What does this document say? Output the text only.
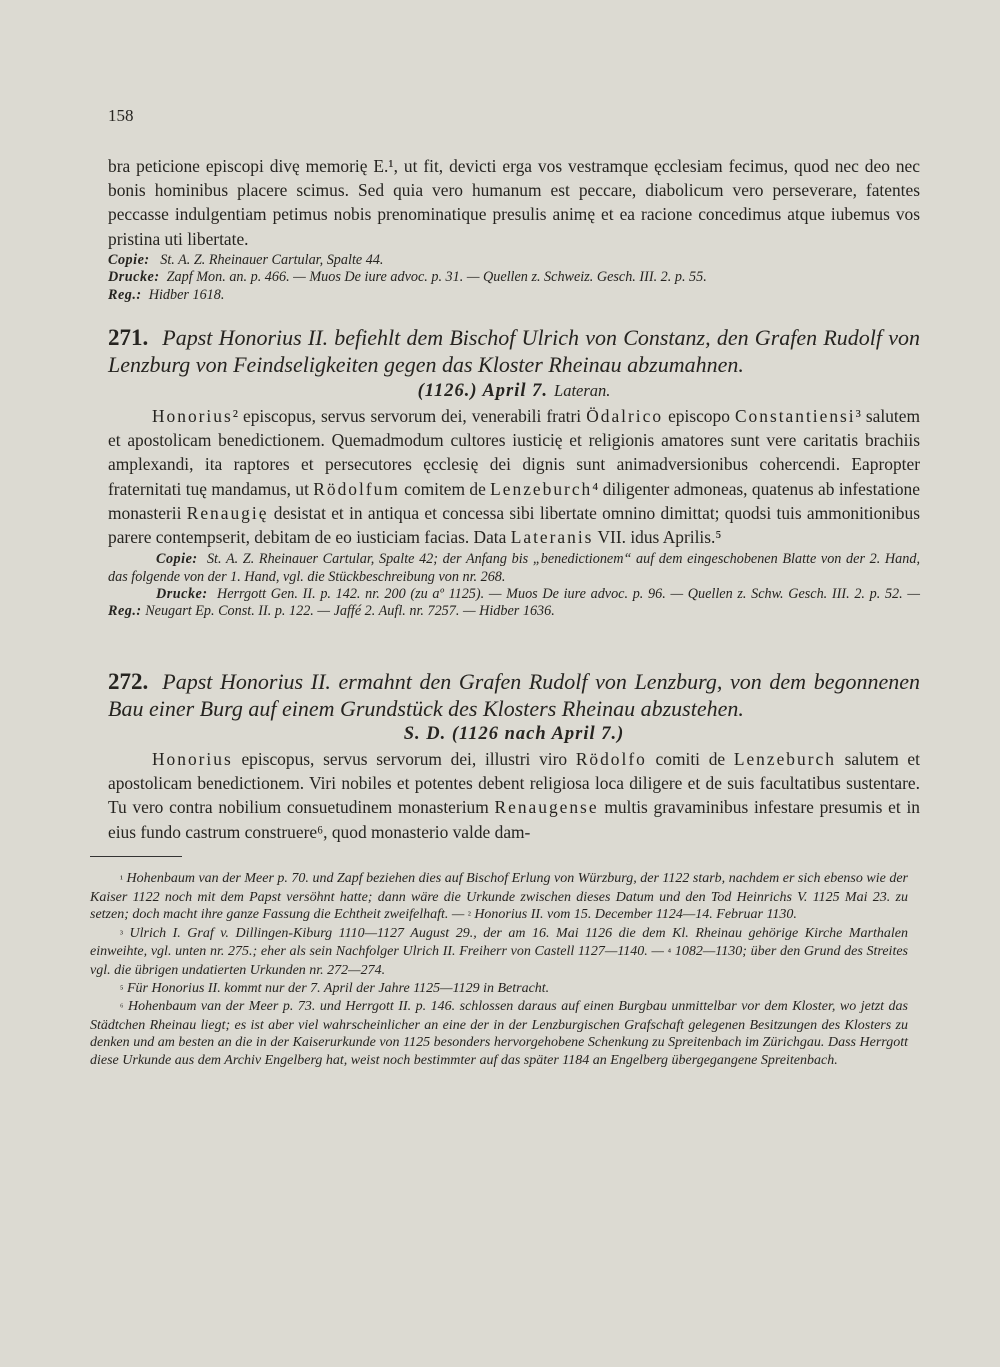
158

bra peticione episcopi divę memorię E.¹, ut fit, devicti erga vos vestramque ęcclesiam fecimus, quod nec deo nec bonis hominibus placere scimus. Sed quia vero humanum est peccare, diabolicum vero perseverare, fatentes peccasse indulgentiam petimus nobis prenominatique presulis animę et ea racione concedimus atque iubemus vos pristina uti libertate.

Copie: St. A. Z. Rheinauer Cartular, Spalte 44.

Drucke: Zapf Mon. an. p. 466. — Muos De iure advoc. p. 31. — Quellen z. Schweiz. Gesch. III. 2. p. 55.

Reg.: Hidber 1618.

271. Papst Honorius II. befiehlt dem Bischof Ulrich von Constanz, den Grafen Rudolf von Lenzburg von Feindseligkeiten gegen das Kloster Rheinau abzumahnen.

(1126.) April 7. Lateran.

Honorius² episcopus, servus servorum dei, venerabili fratri Ödalrico episcopo Constantiensi³ salutem et apostolicam benedictionem. Quemadmodum cultores iusticię et religionis amatores sunt vere caritatis brachiis amplexandi, ita raptores et persecutores ęcclesię dei dignis sunt animadversionibus cohercendi. Eapropter fraternitati tuę mandamus, ut Rödolfum comitem de Lenzeburch⁴ diligenter admoneas, quatenus ab infestatione monasterii Renaugię desistat et in antiqua et concessa sibi libertate omnino dimittat; quodsi tuis ammonitionibus parere contempserit, debitam de eo iusticiam facias. Data Lateranis VII. idus Aprilis.⁵

Copie: St. A. Z. Rheinauer Cartular, Spalte 42; der Anfang bis „benedictionem“ auf dem eingeschobenen Blatte von der 2. Hand, das folgende von der 1. Hand, vgl. die Stückbeschreibung von nr. 268.

Drucke: Herrgott Gen. II. p. 142. nr. 200 (zu aº 1125). — Muos De iure advoc. p. 96. — Quellen z. Schw. Gesch. III. 2. p. 52. — Reg.: Neugart Ep. Const. II. p. 122. — Jaffé 2. Aufl. nr. 7257. — Hidber 1636.

272. Papst Honorius II. ermahnt den Grafen Rudolf von Lenzburg, von dem begonnenen Bau einer Burg auf einem Grundstück des Klosters Rheinau abzustehen.

S. D. (1126 nach April 7.)

Honorius episcopus, servus servorum dei, illustri viro Rödolfo comiti de Lenzeburch salutem et apostolicam benedictionem. Viri nobiles et potentes debent religiosa loca diligere et de suis facultatibus sustentare. Tu vero contra nobilium consuetudinem monasterium Renaugense multis gravaminibus infestare presumis et in eius fundo castrum construere⁶, quod monasterio valde dam-

¹ Hohenbaum van der Meer p. 70. und Zapf beziehen dies auf Bischof Erlung von Würzburg, der 1122 starb, nachdem er sich ebenso wie der Kaiser 1122 noch mit dem Papst versöhnt hatte; dann wäre die Urkunde zwischen dieses Datum und den Tod Heinrichs V. 1125 Mai 23. zu setzen; doch macht ihre ganze Fassung die Echtheit zweifelhaft. — ² Honorius II. vom 15. December 1124—14. Februar 1130.

³ Ulrich I. Graf v. Dillingen-Kiburg 1110—1127 August 29., der am 16. Mai 1126 die dem Kl. Rheinau gehörige Kirche Marthalen einweihte, vgl. unten nr. 275.; eher als sein Nachfolger Ulrich II. Freiherr von Castell 1127—1140. — ⁴ 1082—1130; über den Grund des Streites vgl. die übrigen undatierten Urkunden nr. 272—274.

⁵ Für Honorius II. kommt nur der 7. April der Jahre 1125—1129 in Betracht.

⁶ Hohenbaum van der Meer p. 73. und Herrgott II. p. 146. schlossen daraus auf einen Burgbau unmittelbar vor dem Kloster, wo jetzt das Städtchen Rheinau liegt; es ist aber viel wahrscheinlicher an eine der in der Lenzburgischen Grafschaft gelegenen Besitzungen des Klosters zu denken und am besten an die in der Kaiserurkunde von 1125 besonders hervorgehobene Schenkung zu Spreitenbach im Zürichgau. Dass Herrgott diese Urkunde aus dem Archiv Engelberg hat, weist noch bestimmter auf das später 1184 an Engelberg übergegangene Spreitenbach.
